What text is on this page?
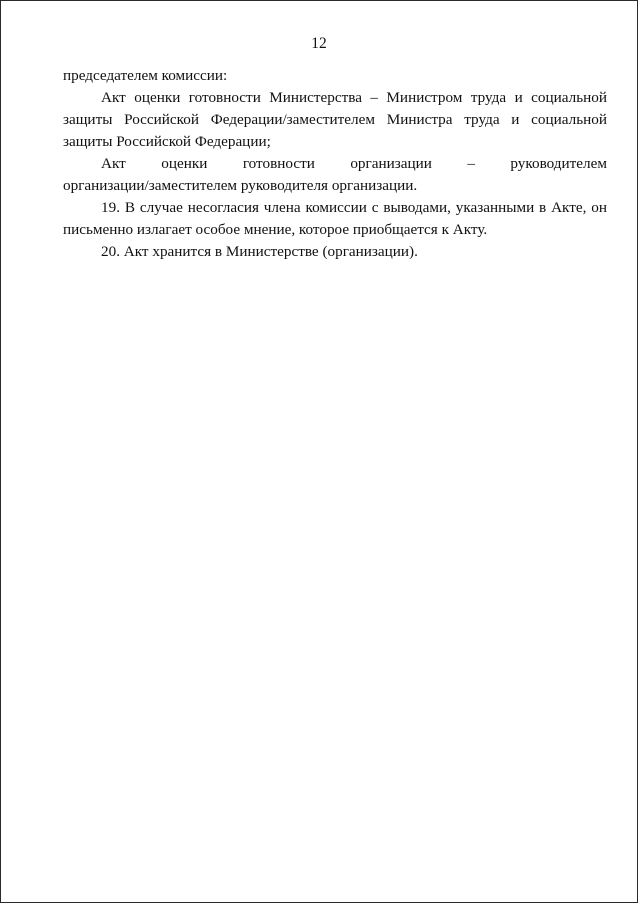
12

председателем комиссии:

Акт оценки готовности Министерства – Министром труда и социальной защиты Российской Федерации/заместителем Министра труда и социальной защиты Российской Федерации;

Акт оценки готовности организации – руководителем

организации/заместителем руководителя организации.

19. В случае несогласия члена комиссии с выводами, указанными в Акте, он письменно излагает особое мнение, которое приобщается к Акту.

20. Акт хранится в Министерстве (организации).
